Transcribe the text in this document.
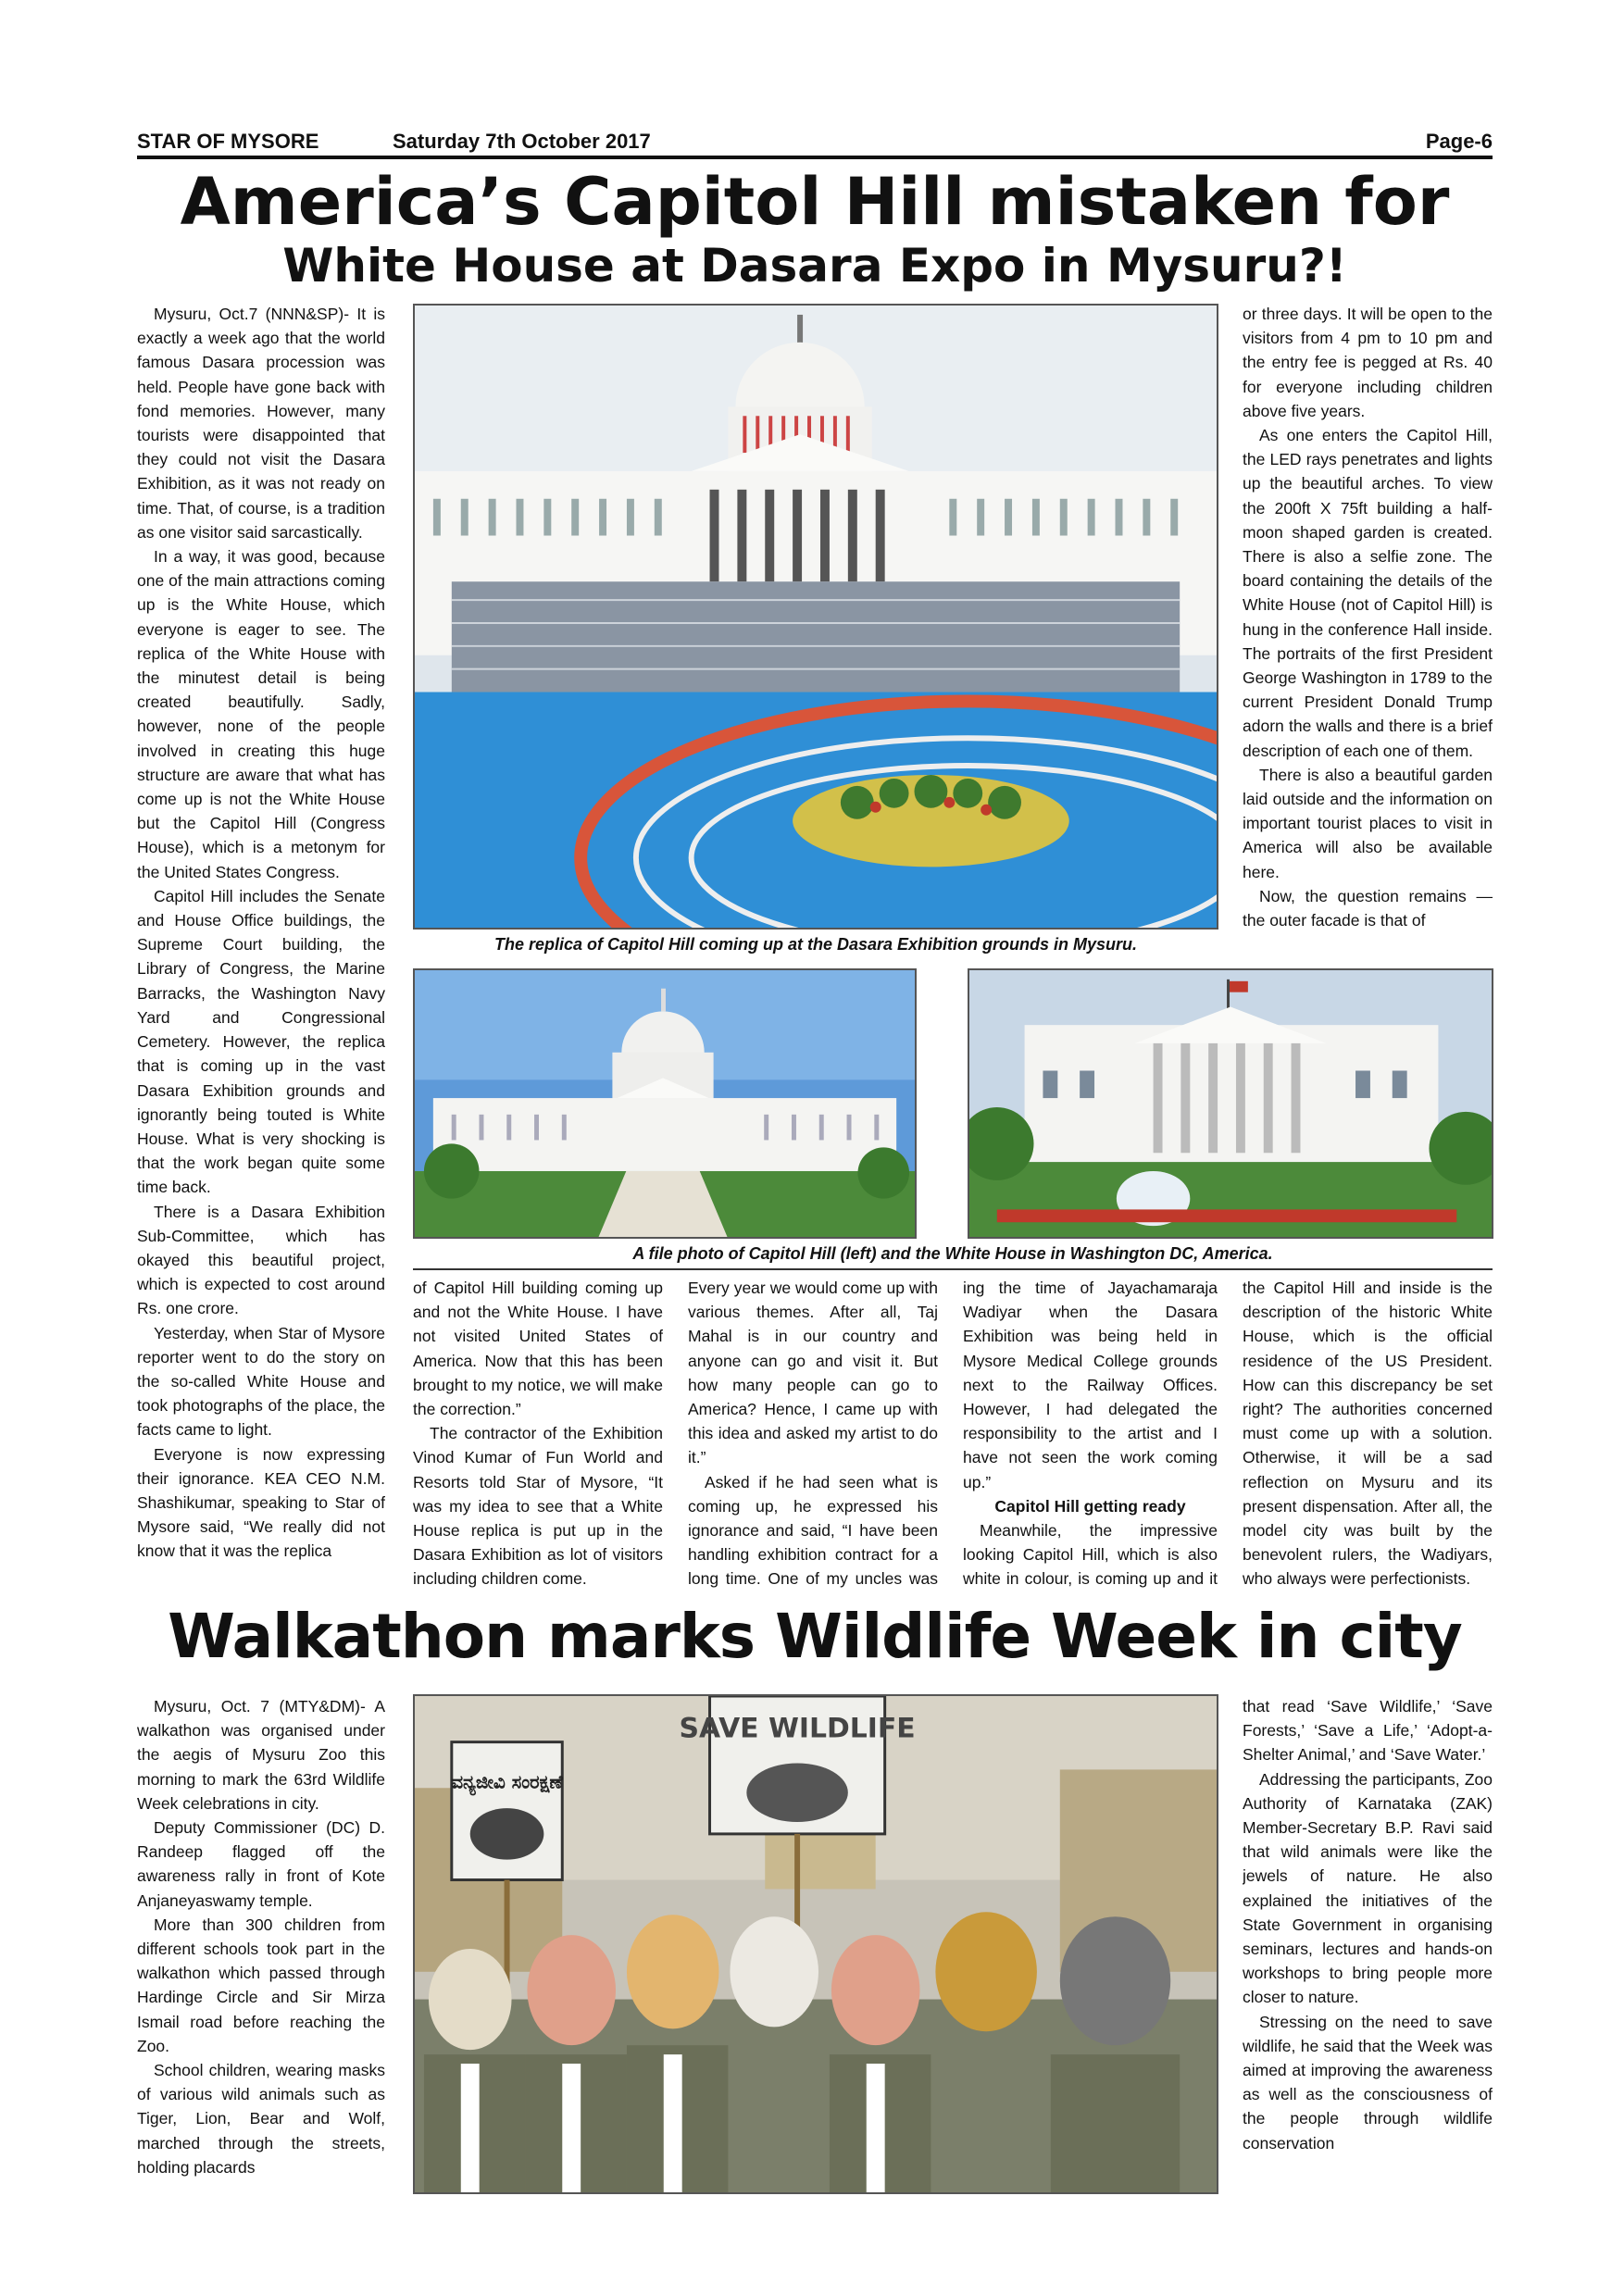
STAR OF MYSORE	Saturday 7th October 2017	Page-6
America’s Capitol Hill mistaken for
White House at Dasara Expo in Mysuru?!

Mysuru, Oct.7 (NNN&SP)- It is exactly a week ago that the world famous Dasara procession was held. People have gone back with fond memories. However, many tourists were disappointed that they could not visit the Dasara Exhibition, as it was not ready on time. That, of course, is a tradition as one visitor said sarcastically.

In a way, it was good, because one of the main attractions coming up is the White House, which everyone is eager to see. The replica of the White House with the minutest detail is being created beautifully. Sadly, however, none of the people involved in creating this huge structure are aware that what has come up is not the White House but the Capitol Hill (Congress House), which is a metonym for the United States Congress.

Capitol Hill includes the Senate and House Office buildings, the Supreme Court building, the Library of Congress, the Marine Barracks, the Washington Navy Yard and Congressional Cemetery. However, the replica that is coming up in the vast Dasara Exhibition grounds and ignorantly being touted is White House. What is very shocking is that the work began quite some time back.

There is a Dasara Exhibition Sub-Committee, which has okayed this beautiful project, which is expected to cost around Rs. one crore.

Yesterday, when Star of Mysore reporter went to do the story on the so-called White House and took photographs of the place, the facts came to light.

Everyone is now expressing their ignorance. KEA CEO N.M. Shashikumar, speaking to Star of Mysore said, “We really did not know that it was the replica

The replica of Capitol Hill coming up at the Dasara Exhibition grounds in Mysuru.

or three days. It will be open to the visitors from 4 pm to 10 pm and the entry fee is pegged at Rs. 40 for everyone including children above five years.

As one enters the Capitol Hill, the LED rays penetrates and lights up the beautiful arches. To view the 200ft X 75ft building a half-moon shaped garden is created. There is also a selfie zone. The board containing the details of the White House (not of Capitol Hill) is hung in the conference Hall inside. The portraits of the first President George Washington in 1789 to the current President Donald Trump adorn the walls and there is a brief description of each one of them.

There is also a beautiful garden laid outside and the information on important tourist places to visit in America will also be available here.

Now, the question remains — the outer facade is that of

A file photo of Capitol Hill (left) and the White House in Washington DC, America.

of Capitol Hill building coming up and not the White House. I have not visited United States of America. Now that this has been brought to my notice, we will make the correction.”

The contractor of the Exhibition Vinod Kumar of Fun World and Resorts told Star of Mysore, “It was my idea to see that a White House replica is put up in the Dasara Exhibition as lot of visitors including children come.

Every year we would come up with various themes. After all, Taj Mahal is in our country and anyone can go and visit it. But how many people can go to America? Hence, I came up with this idea and asked my artist to do it.”

Asked if he had seen what is coming up, he expressed his ignorance and said, “I have been handling exhibition contract for a long time. One of my uncles was

ing the time of Jayachamaraja Wadiyar when the Dasara Exhibition was being held in Mysore Medical College grounds next to the Railway Offices. However, I had delegated the responsibility to the artist and I have not seen the work coming up.”

Capitol Hill getting ready

Meanwhile, the impressive looking Capitol Hill, which is also white in colour, is coming up and it

the Capitol Hill and inside is the description of the historic White House, which is the official residence of the US President. How can this discrepancy be set right? The authorities concerned must come up with a solution. Otherwise, it will be a sad reflection on Mysuru and its present dispensation. After all, the model city was built by the benevolent rulers, the Wadiyars, who always were perfectionists.

Walkathon marks Wildlife Week in city

Mysuru, Oct. 7 (MTY&DM)- A walkathon was organised under the aegis of Mysuru Zoo this morning to mark the 63rd Wildlife Week celebrations in city.

Deputy Commissioner (DC) D. Randeep flagged off the awareness rally in front of Kote Anjaneyaswamy temple.

More than 300 children from different schools took part in the walkathon which passed through Hardinge Circle and Sir Mirza Ismail road before reaching the Zoo.

School children, wearing masks of various wild animals such as Tiger, Lion, Bear and Wolf, marched through the streets, holding placards

ವನ್ಯಜೀವಿ ಸಂರಕ್ಷಣೆ
SAVE WILDLIFE

that read ‘Save Wildlife,’ ‘Save Forests,’ ‘Save a Life,’ ‘Adopt-a-Shelter Animal,’ and ‘Save Water.’

Addressing the participants, Zoo Authority of Karnataka (ZAK) Member-Secretary B.P. Ravi said that wild animals were like the jewels of nature. He also explained the initiatives of the State Government in organising seminars, lectures and hands-on workshops to bring people more closer to nature.

Stressing on the need to save wildlife, he said that the Week was aimed at improving the awareness as well as the consciousness of the people through wildlife conservation
